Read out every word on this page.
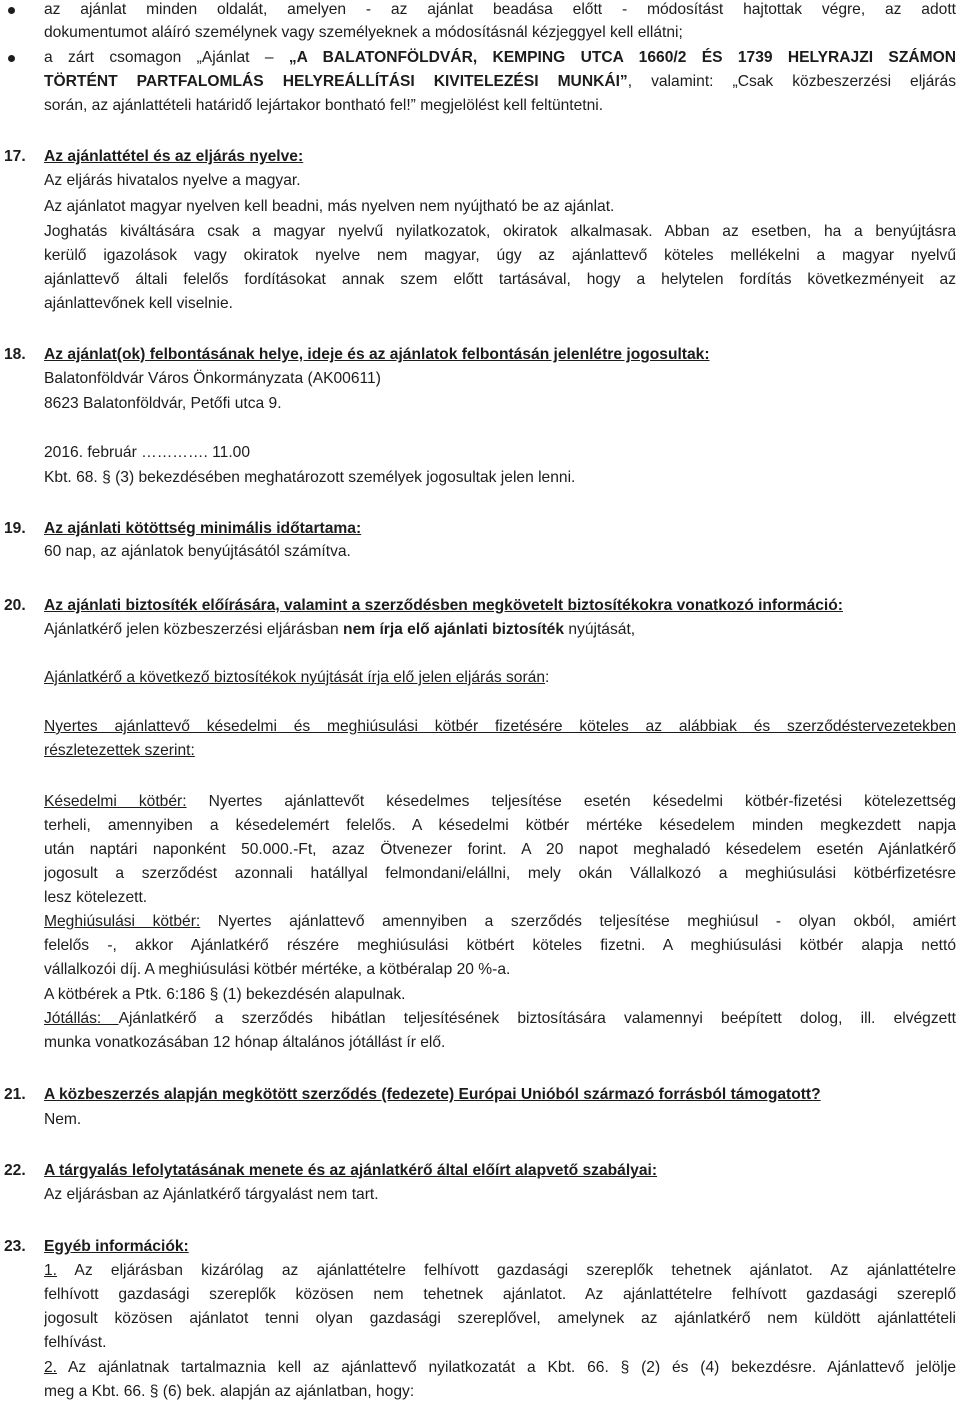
az ajánlat minden oldalát, amelyen - az ajánlat beadása előtt - módosítást hajtottak végre, az adott
dokumentumot aláíró személynek vagy személyeknek a módosításnál kézjeggyel kell ellátni;
a zárt csomagon „Ajánlat – „A BALATONFÖLDVÁR, KEMPING UTCA 1660/2 ÉS 1739 HELYRAJZI SZÁMON
TÖRTÉNT PARTFALOMLÁS HELYREÁLLÍTÁSI KIVITELEZÉSI MUNKÁI”, valamint: „Csak közbeszerzési eljárás
során, az ajánlattételi határidő lejártakor bontható fel!” megjelölést kell feltüntetni.
17.	Az ajánlattétel és az eljárás nyelve:
Az eljárás hivatalos nyelve a magyar.
Az ajánlatot magyar nyelven kell beadni, más nyelven nem nyújtható be az ajánlat.
Joghatás kiváltására csak a magyar nyelvű nyilatkozatok, okiratok alkalmasak. Abban az esetben, ha a benyújtásra
kerülő igazolások vagy okiratok nyelve nem magyar, úgy az ajánlattevő köteles mellékelni a magyar nyelvű
ajánlattevő általi felelős fordításokat annak szem előtt tartásával, hogy a helytelen fordítás következményeit az
ajánlattevőnek kell viselnie.
18.	Az ajánlat(ok) felbontásának helye, ideje és az ajánlatok felbontásán jelenlétre jogosultak:
Balatonföldvár Város Önkormányzata (AK00611)
8623 Balatonföldvár, Petőfi utca 9.
2016. február …………. 11.00
Kbt. 68. § (3) bekezdésében meghatározott személyek jogosultak jelen lenni.
19.	Az ajánlati kötöttség minimális időtartama:
60 nap, az ajánlatok benyújtásától számítva.
20.	Az ajánlati biztosíték előírására, valamint a szerződésben megkövetelt biztosítékokra vonatkozó információ:
Ajánlatkérő jelen közbeszerzési eljárásban nem írja elő ajánlati biztosíték nyújtását,
Ajánlatkérő a következő biztosítékok nyújtását írja elő jelen eljárás során:
Nyertes ajánlattevő késedelmi és meghiúsulási kötbér fizetésére köteles az alábbiak és szerződéstervezetekben
részletezettek szerint:
Késedelmi kötbér: Nyertes ajánlattevőt késedelmes teljesítése esetén késedelmi kötbér-fizetési kötelezettség
terheli, amennyiben a késedelemért felelős. A késedelmi kötbér mértéke késedelem minden megkezdett napja
után naptári naponként 50.000.-Ft, azaz Ötvenezer forint. A 20 napot meghaladó késedelem esetén Ajánlatkérő
jogosult a szerződést azonnali hatállyal felmondani/elállni, mely okán Vállalkozó a meghiúsulási kötbérfizetésre
lesz kötelezett.
Meghiúsulási kötbér: Nyertes ajánlattevő amennyiben a szerződés teljesítése meghiúsul - olyan okból, amiért
felelős -, akkor Ajánlatkérő részére meghiúsulási kötbért köteles fizetni. A meghiúsulási kötbér alapja nettó
vállalkozói díj. A meghiúsulási kötbér mértéke, a kötbéralap 20 %-a.
A kötbérek a Ptk. 6:186 § (1) bekezdésén alapulnak.
Jótállás: Ajánlatkérő a szerződés hibátlan teljesítésének biztosítására valamennyi beépített dolog, ill. elvégzett
munka vonatkozásában 12 hónap általános jótállást ír elő.
21.	A közbeszerzés alapján megkötött szerződés (fedezete) Európai Unióból származó forrásból támogatott?
Nem.
22.	A tárgyalás lefolytatásának menete és az ajánlatkérő által előírt alapvető szabályai:
Az eljárásban az Ajánlatkérő tárgyalást nem tart.
23.	Egyéb információk:
1. Az eljárásban kizárólag az ajánlattételre felhívott gazdasági szereplők tehetnek ajánlatot. Az ajánlattételre
felhívott gazdasági szereplők közösen nem tehetnek ajánlatot. Az ajánlattételre felhívott gazdasági szereplő
jogosult közösen ajánlatot tenni olyan gazdasági szereplővel, amelynek az ajánlatkérő nem küldött ajánlattételi
felhívást.
2. Az ajánlatnak tartalmaznia kell az ajánlattevő nyilatkozatát a Kbt. 66. § (2) és (4) bekezdésre. Ajánlattevő jelölje
meg a Kbt. 66. § (6) bek. alapján az ajánlatban, hogy:
